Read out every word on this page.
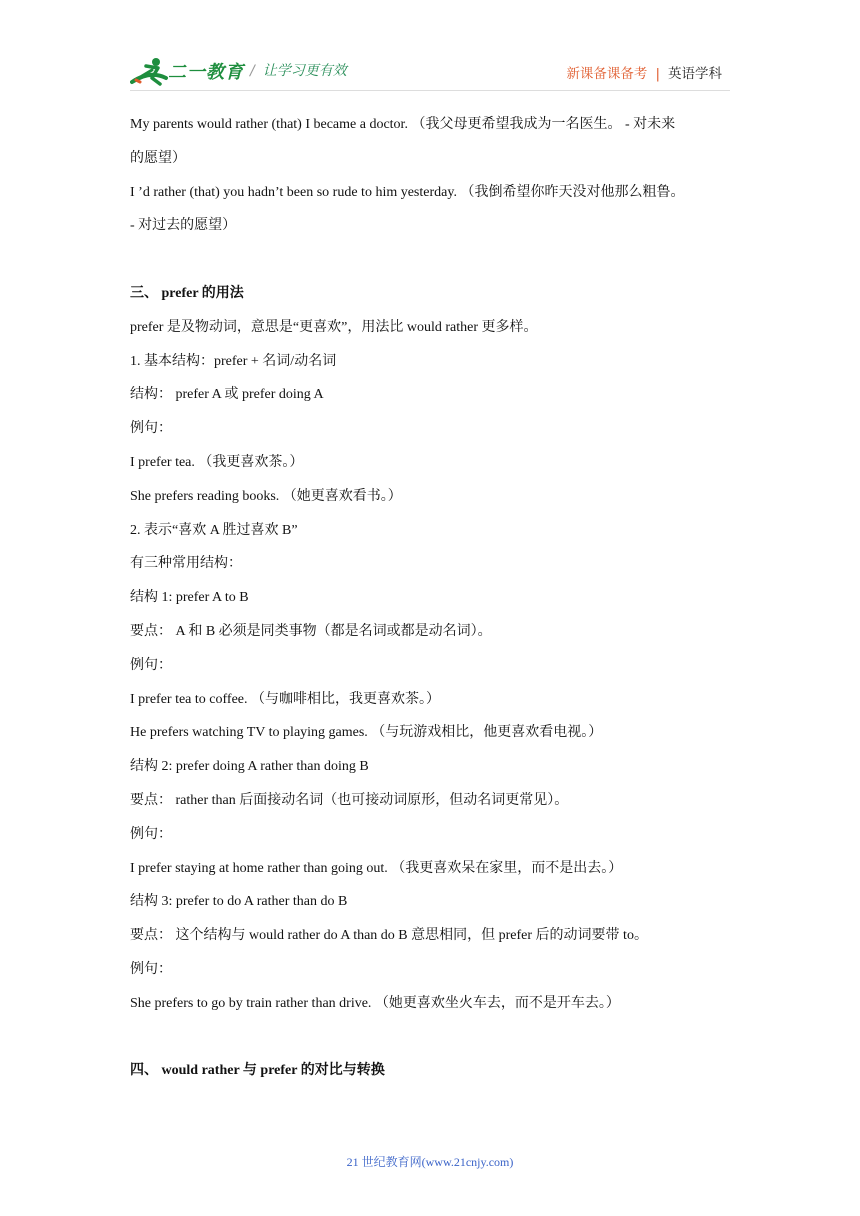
二一教育 / 让学习更有效	新课备课备考 | 英语学科
My parents would rather (that) I became a doctor. （我父母更希望我成为一名医生。 - 对未来
的愿望）
I ’d rather (that) you hadn’t been so rude to him yesterday. （我倒希望你昨天没对他那么粗鲁。
- 对过去的愿望）
三、 prefer 的用法
prefer 是及物动词，意思是“更喜欢”，用法比 would rather 更多样。
1. 基本结构：prefer + 名词/动名词
结构： prefer A 或 prefer doing A
例句：
I prefer tea. （我更喜欢茶。）
She prefers reading books. （她更喜欢看书。）
2. 表示“喜欢 A 胜过喜欢 B”
有三种常用结构：
结构 1: prefer A to B
要点： A 和 B 必须是同类事物（都是名词或都是动名词）。
例句：
I prefer tea to coffee. （与咖啡相比，我更喜欢茶。）
He prefers watching TV to playing games. （与玩游戏相比，他更喜欢看电视。）
结构 2: prefer doing A rather than doing B
要点： rather than 后面接动名词（也可接动词原形，但动名词更常见）。
例句：
I prefer staying at home rather than going out. （我更喜欢呆在家里，而不是出去。）
结构 3: prefer to do A rather than do B
要点： 这个结构与 would rather do A than do B 意思相同，但 prefer 后的动词要带 to。
例句：
She prefers to go by train rather than drive. （她更喜欢坐火车去，而不是开车去。）
四、 would rather 与 prefer 的对比与转换
21 世纪教育网(www.21cnjy.com)
